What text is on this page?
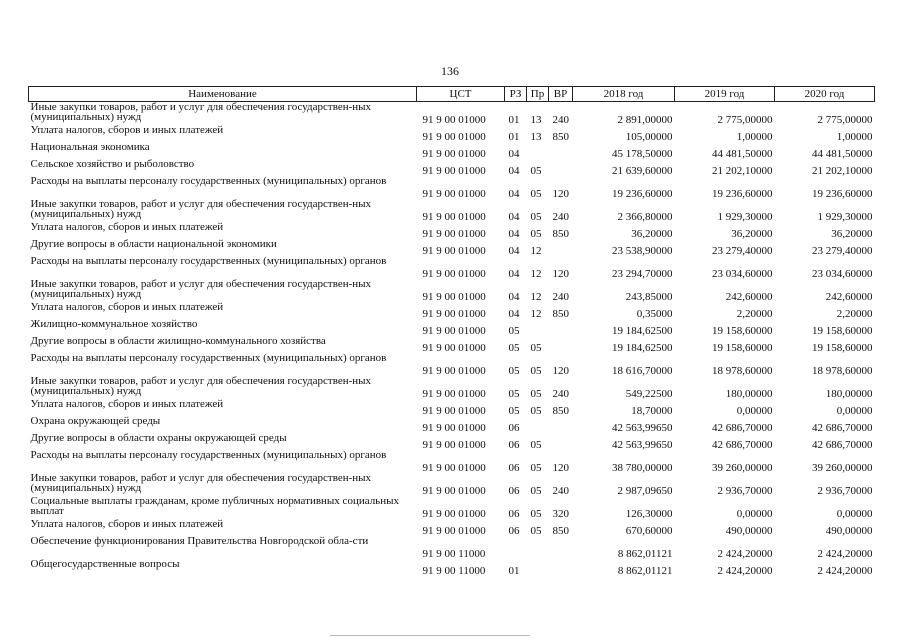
136
Наименование	ЦСТ	РЗ	Пр	ВР	2018 год	2019 год	2020 год
Иные закупки товаров, работ и услуг для обеспечения государствен-ных (муниципальных) нужд	91 9 00 01000	01	13	240	2 891,00000	2 775,00000	2 775,00000
Уплата налогов, сборов и иных платежей	91 9 00 01000	01	13	850	105,00000	1,00000	1,00000
Национальная экономика	91 9 00 01000	04			45 178,50000	44 481,50000	44 481,50000
Сельское хозяйство и рыболовство	91 9 00 01000	04	05		21 639,60000	21 202,10000	21 202,10000
Расходы на выплаты персоналу государственных (муниципальных) органов	91 9 00 01000	04	05	120	19 236,60000	19 236,60000	19 236,60000
Иные закупки товаров, работ и услуг для обеспечения государствен-ных (муниципальных) нужд	91 9 00 01000	04	05	240	2 366,80000	1 929,30000	1 929,30000
Уплата налогов, сборов и иных платежей	91 9 00 01000	04	05	850	36,20000	36,20000	36,20000
Другие вопросы в области национальной экономики	91 9 00 01000	04	12		23 538,90000	23 279,40000	23 279,40000
Расходы на выплаты персоналу государственных (муниципальных) органов	91 9 00 01000	04	12	120	23 294,70000	23 034,60000	23 034,60000
Иные закупки товаров, работ и услуг для обеспечения государствен-ных (муниципальных) нужд	91 9 00 01000	04	12	240	243,85000	242,60000	242,60000
Уплата налогов, сборов и иных платежей	91 9 00 01000	04	12	850	0,35000	2,20000	2,20000
Жилищно-коммунальное хозяйство	91 9 00 01000	05			19 184,62500	19 158,60000	19 158,60000
Другие вопросы в области жилищно-коммунального хозяйства	91 9 00 01000	05	05		19 184,62500	19 158,60000	19 158,60000
Расходы на выплаты персоналу государственных (муниципальных) органов	91 9 00 01000	05	05	120	18 616,70000	18 978,60000	18 978,60000
Иные закупки товаров, работ и услуг для обеспечения государствен-ных (муниципальных) нужд	91 9 00 01000	05	05	240	549,22500	180,00000	180,00000
Уплата налогов, сборов и иных платежей	91 9 00 01000	05	05	850	18,70000	0,00000	0,00000
Охрана окружающей среды	91 9 00 01000	06			42 563,99650	42 686,70000	42 686,70000
Другие вопросы в области охраны окружающей среды	91 9 00 01000	06	05		42 563,99650	42 686,70000	42 686,70000
Расходы на выплаты персоналу государственных (муниципальных) органов	91 9 00 01000	06	05	120	38 780,00000	39 260,00000	39 260,00000
Иные закупки товаров, работ и услуг для обеспечения государствен-ных (муниципальных) нужд	91 9 00 01000	06	05	240	2 987,09650	2 936,70000	2 936,70000
Социальные выплаты гражданам, кроме публичных нормативных социальных выплат	91 9 00 01000	06	05	320	126,30000	0,00000	0,00000
Уплата налогов, сборов и иных платежей	91 9 00 01000	06	05	850	670,60000	490,00000	490,00000
Обеспечение функционирования Правительства Новгородской обла-сти	91 9 00 11000				8 862,01121	2 424,20000	2 424,20000
Общегосударственные вопросы	91 9 00 11000	01			8 862,01121	2 424,20000	2 424,20000
